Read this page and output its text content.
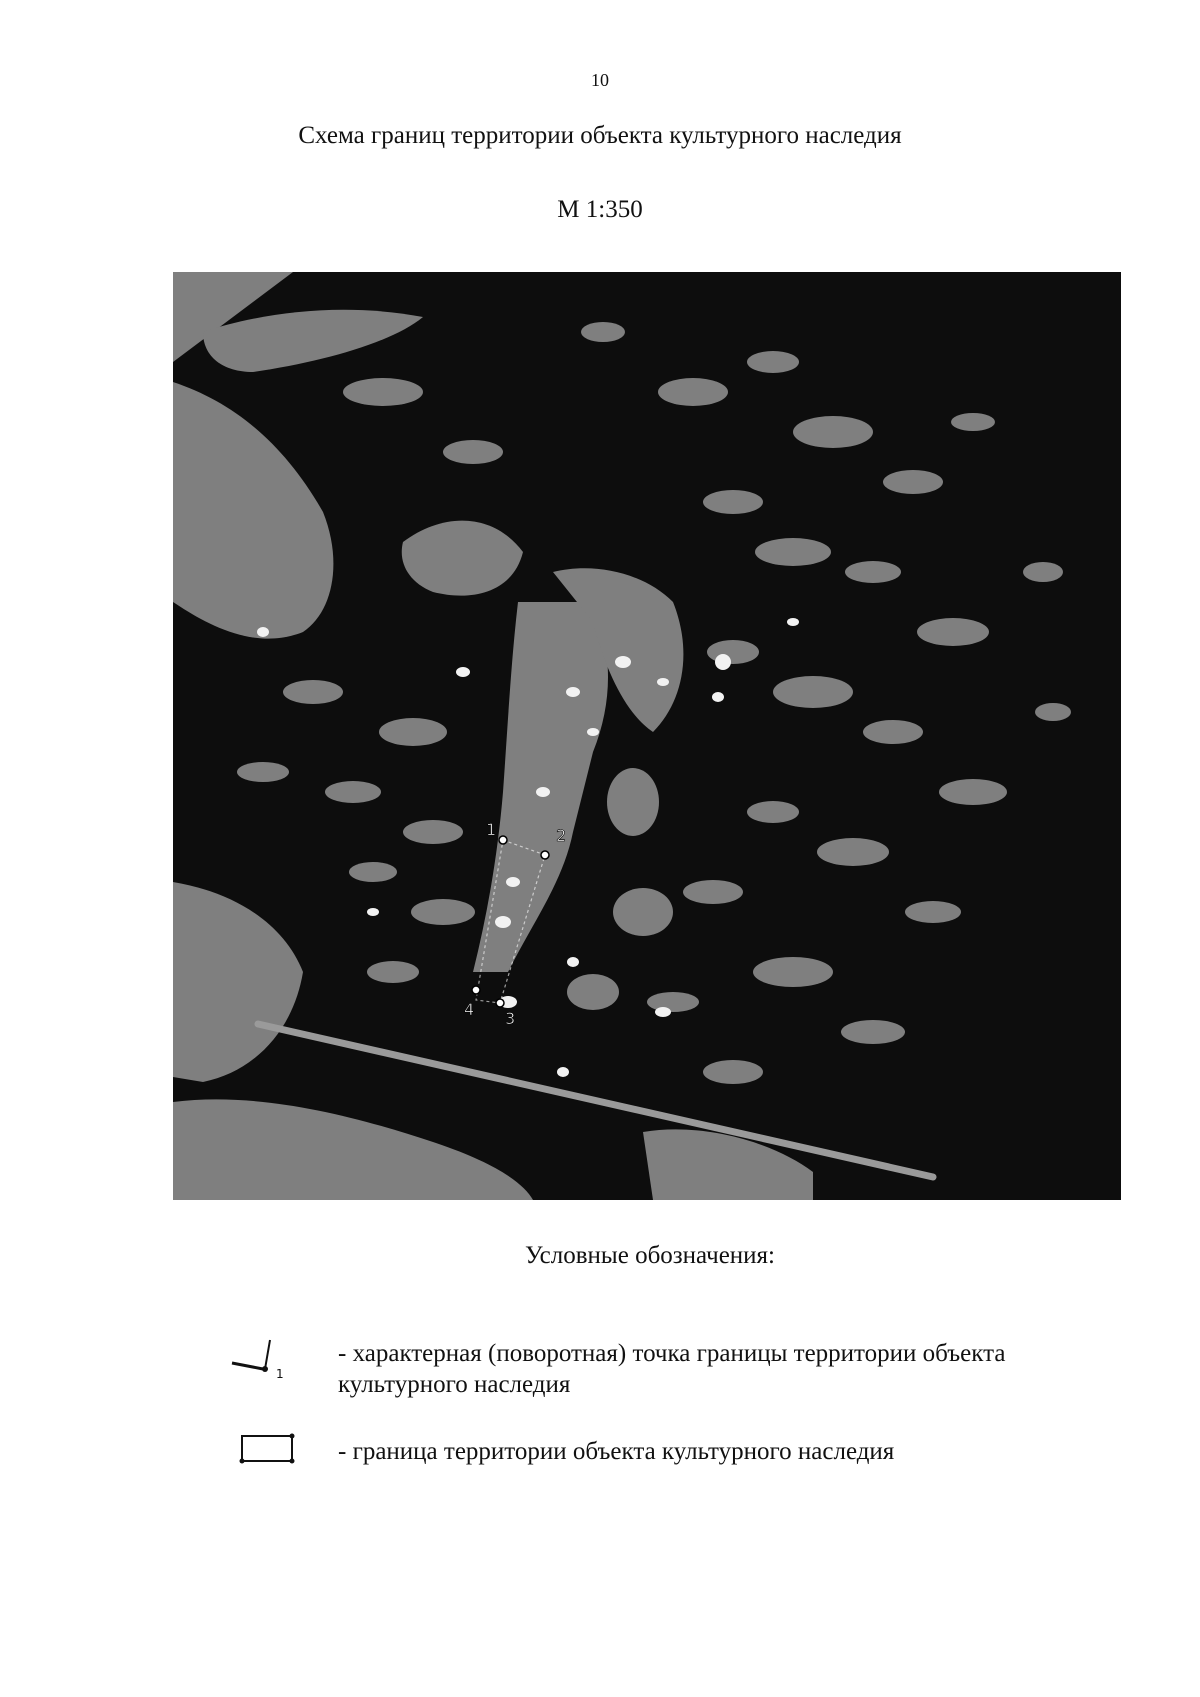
10
Схема границ территории объекта культурного наследия
М 1:350
1	2
3
4
Условные обозначения:
1
- характерная (поворотная) точка границы территории объекта культурного наследия
- граница территории объекта культурного наследия
